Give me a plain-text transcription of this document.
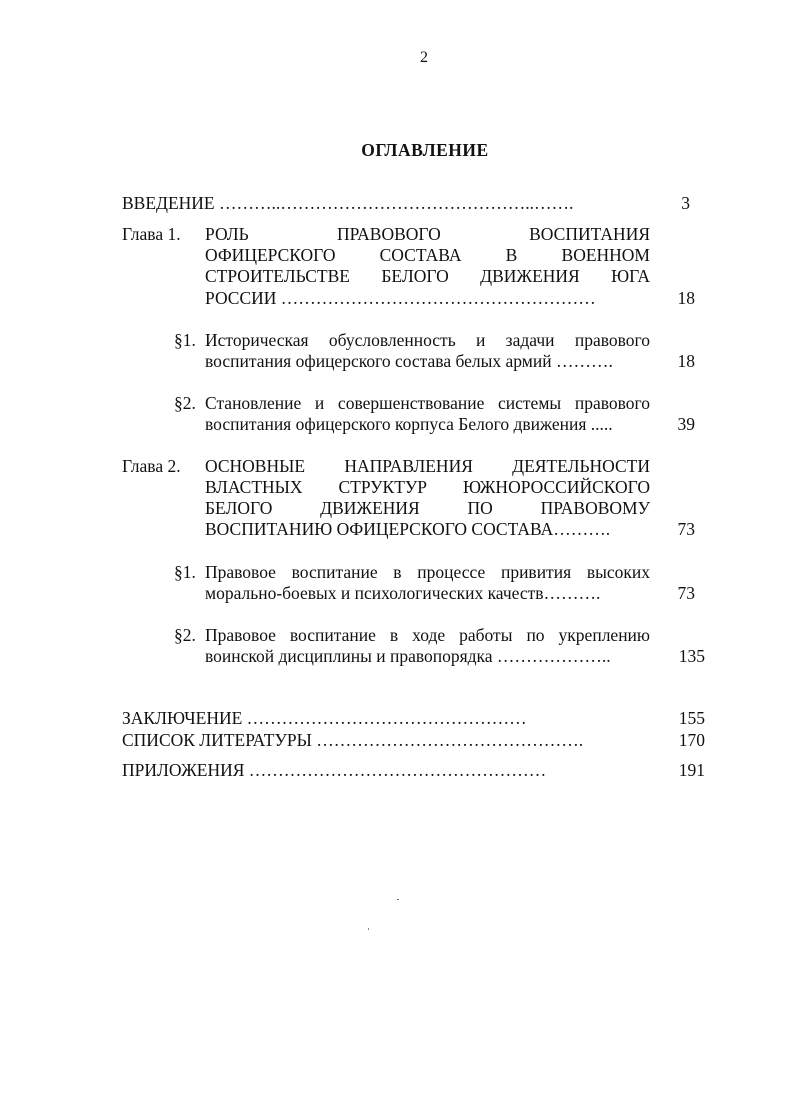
2
ОГЛАВЛЕНИЕ
ВВЕДЕНИЕ ………..……………………………………..…….	3
Глава 1. РОЛЬ ПРАВОВОГО ВОСПИТАНИЯ
ОФИЦЕРСКОГО СОСТАВА В ВОЕННОМ
СТРОИТЕЛЬСТВЕ БЕЛОГО ДВИЖЕНИЯ ЮГА
РОССИИ ………………………………………………	18
§1. Историческая обусловленность и задачи правового
воспитания офицерского состава белых армий ……….	18
§2. Становление и совершенствование системы правового
воспитания офицерского корпуса Белого движения .....	39
Глава 2. ОСНОВНЫЕ НАПРАВЛЕНИЯ ДЕЯТЕЛЬНОСТИ
ВЛАСТНЫХ СТРУКТУР ЮЖНОРОССИЙСКОГО
БЕЛОГО ДВИЖЕНИЯ ПО ПРАВОВОМУ
ВОСПИТАНИЮ ОФИЦЕРСКОГО СОСТАВА……….	73
§1. Правовое воспитание в процессе привития высоких
морально-боевых и психологических качеств……….	73
§2. Правовое воспитание в ходе работы по укреплению
воинской дисциплины и правопорядка ………………..	135
ЗАКЛЮЧЕНИЕ …………………………………………	155
СПИСОК ЛИТЕРАТУРЫ ……………………………………….	170
ПРИЛОЖЕНИЯ ……………………………………………	191
